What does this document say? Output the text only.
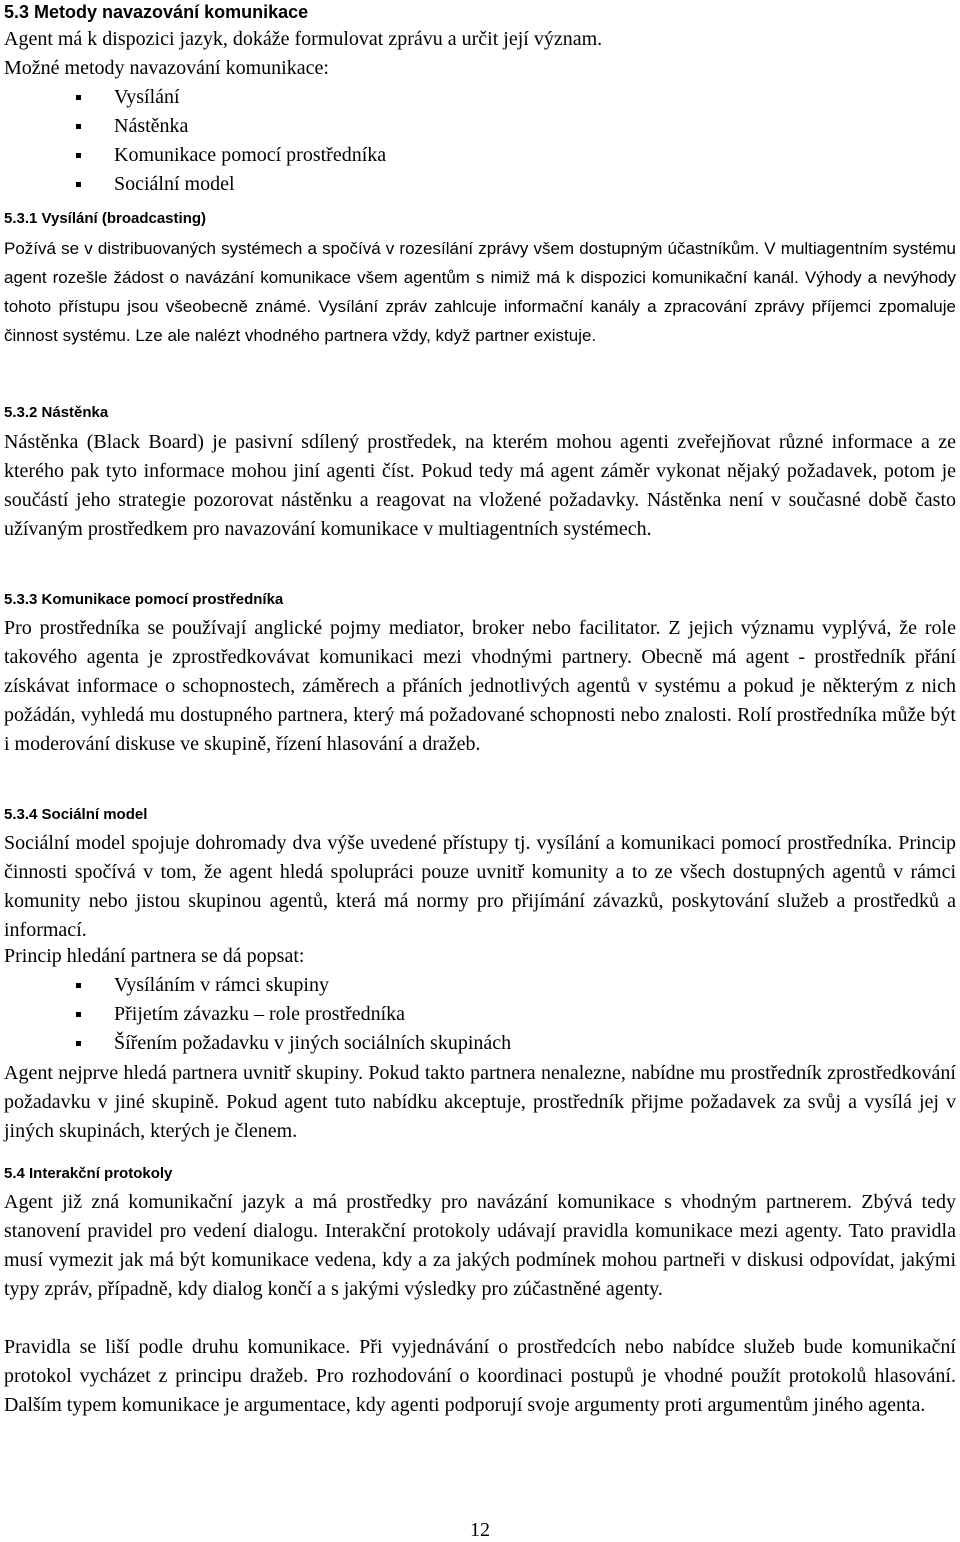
5.3 Metody navazování komunikace

Agent má k dispozici jazyk, dokáže formulovat zprávu a určit její význam.

Možné metody navazování komunikace:

Vysílání
Nástěnka
Komunikace pomocí prostředníka
Sociální model
5.3.1 Vysílání (broadcasting)

Požívá se v distribuovaných systémech a spočívá v rozesílání zprávy všem dostupným účastníkům. V multiagentním systému agent rozešle žádost o navázání komunikace všem agentům s nimiž má k dispozici komunikační kanál. Výhody a nevýhody tohoto přístupu jsou všeobecně známé. Vysílání zpráv zahlcuje informační kanály a zpracování zprávy příjemci zpomaluje činnost systému. Lze ale nalézt vhodného partnera vždy, když partner existuje.

5.3.2 Nástěnka

Nástěnka (Black Board) je pasivní sdílený prostředek, na kterém mohou agenti zveřejňovat různé informace a ze kterého pak tyto informace mohou jiní agenti číst. Pokud tedy má agent záměr vykonat nějaký požadavek, potom je součástí jeho strategie pozorovat nástěnku a reagovat na vložené požadavky. Nástěnka není v současné době často užívaným prostředkem pro navazování komunikace v multiagentních systémech.

5.3.3 Komunikace pomocí prostředníka

Pro prostředníka se používají anglické pojmy mediator, broker nebo facilitator. Z jejich významu vyplývá, že role takového agenta je zprostředkovávat komunikaci mezi vhodnými partnery. Obecně má agent - prostředník přání získávat informace o schopnostech, záměrech a přáních jednotlivých agentů v systému a pokud je některým z nich požádán, vyhledá mu dostupného partnera, který má požadované schopnosti nebo znalosti. Rolí prostředníka může být i moderování diskuse ve skupině, řízení hlasování a dražeb.

5.3.4 Sociální model

Sociální model spojuje dohromady dva výše uvedené přístupy tj. vysílání a komunikaci pomocí prostředníka. Princip činnosti spočívá v tom, že agent hledá spolupráci pouze uvnitř komunity a to ze všech dostupných agentů v rámci komunity nebo jistou skupinou agentů, která má normy pro přijímání závazků, poskytování služeb a prostředků a informací.

Princip hledání partnera se dá popsat:

Vysíláním v rámci skupiny
Přijetím závazku – role prostředníka
Šířením požadavku v jiných sociálních skupinách

Agent nejprve hledá partnera uvnitř skupiny. Pokud takto partnera nenalezne, nabídne mu prostředník zprostředkování požadavku v jiné skupině. Pokud agent tuto nabídku akceptuje, prostředník přijme požadavek za svůj a vysílá jej v jiných skupinách, kterých je členem.

5.4 Interakční protokoly

Agent již zná komunikační jazyk a má prostředky pro navázání komunikace s vhodným partnerem. Zbývá tedy stanovení pravidel pro vedení dialogu. Interakční protokoly udávají pravidla komunikace mezi agenty. Tato pravidla musí vymezit jak má být komunikace vedena, kdy a za jakých podmínek mohou partneři v diskusi odpovídat, jakými typy zpráv, případně, kdy dialog končí a s jakými výsledky pro zúčastněné agenty.

Pravidla se liší podle druhu komunikace. Při vyjednávání o prostředcích nebo nabídce služeb bude komunikační protokol vycházet z principu dražeb. Pro rozhodování o koordinaci postupů je vhodné použít protokolů hlasování. Dalším typem komunikace je argumentace, kdy agenti podporují svoje argumenty proti argumentům jiného agenta.

12
